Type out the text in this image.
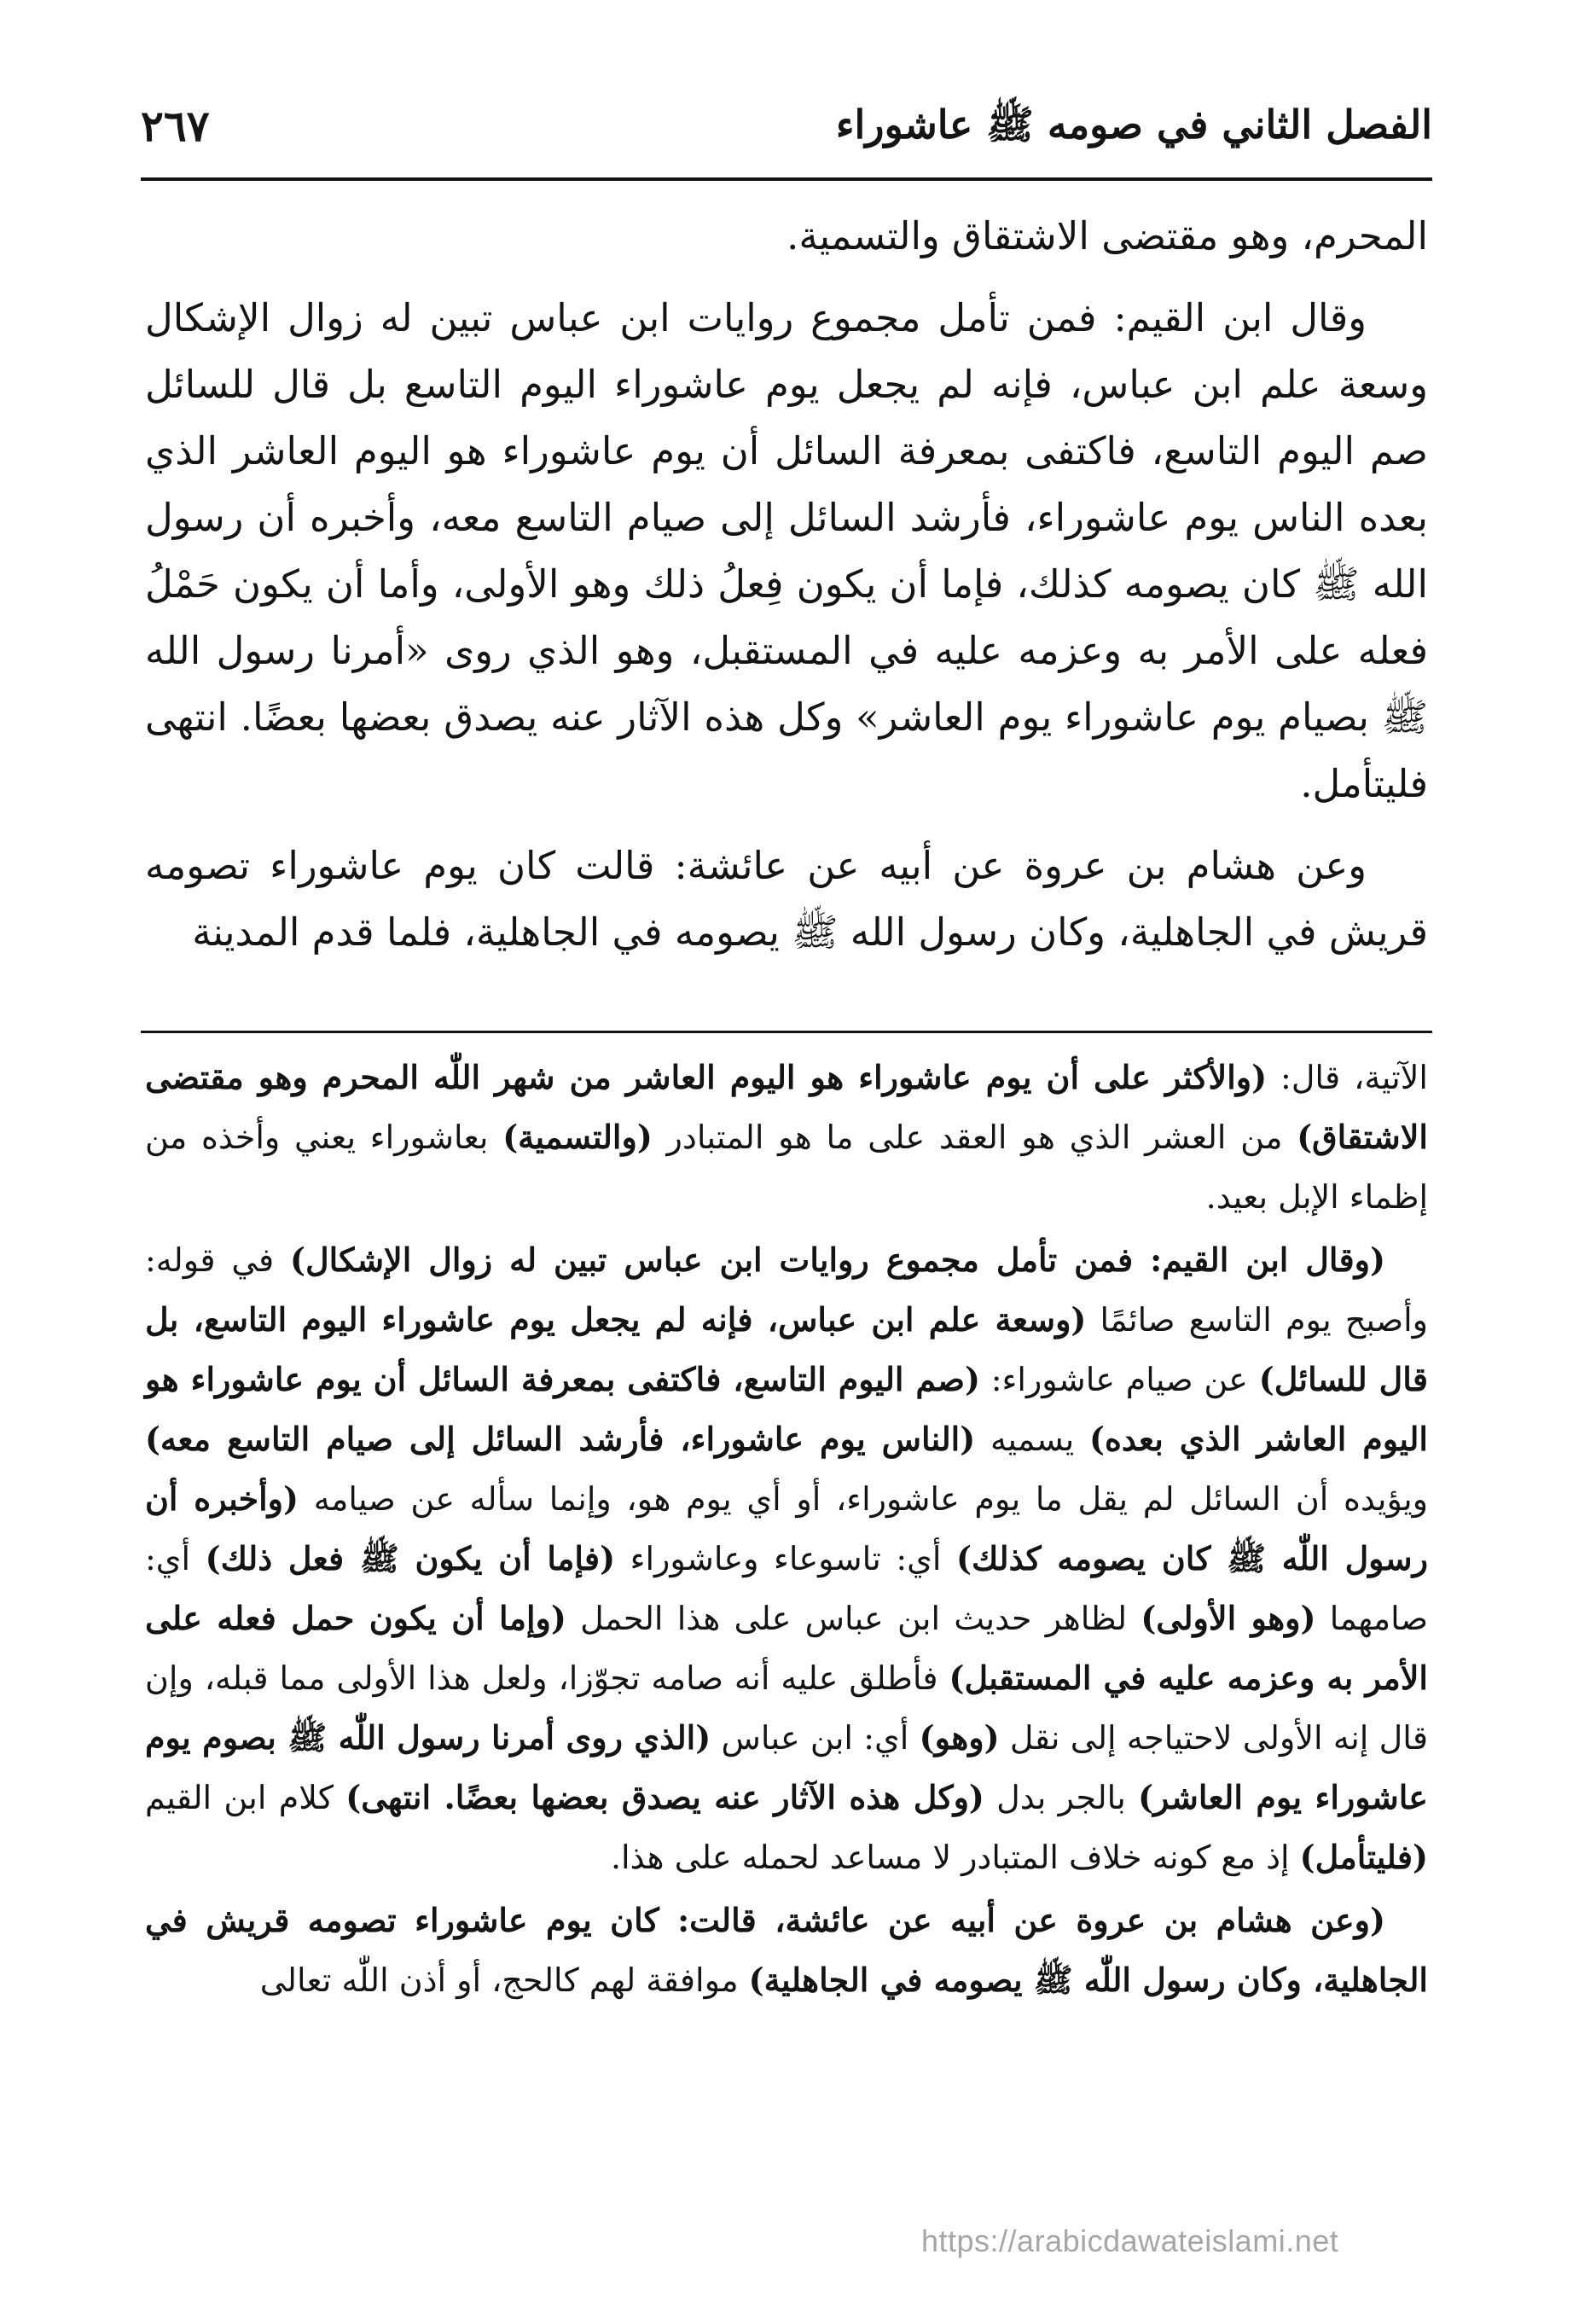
الفصل الثاني في صومه ﷺ عاشوراء
٢٦٧

المحرم، وهو مقتضى الاشتقاق والتسمية.

وقال ابن القيم: فمن تأمل مجموع روايات ابن عباس تبين له زوال الإشكال وسعة علم ابن عباس، فإنه لم يجعل يوم عاشوراء اليوم التاسع بل قال للسائل صم اليوم التاسع، فاكتفى بمعرفة السائل أن يوم عاشوراء هو اليوم العاشر الذي بعده الناس يوم عاشوراء، فأرشد السائل إلى صيام التاسع معه، وأخبره أن رسول الله ﷺ كان يصومه كذلك، فإما أن يكون فِعلُ ذلك وهو الأولى، وأما أن يكون حَمْلُ فعله على الأمر به وعزمه عليه في المستقبل، وهو الذي روى «أمرنا رسول الله ﷺ بصيام يوم عاشوراء يوم العاشر» وكل هذه الآثار عنه يصدق بعضها بعضًا. انتهى فليتأمل.

وعن هشام بن عروة عن أبيه عن عائشة: قالت كان يوم عاشوراء تصومه قريش في الجاهلية، وكان رسول الله ﷺ يصومه في الجاهلية، فلما قدم المدينة

الآتية، قال: (والأكثر على أن يوم عاشوراء هو اليوم العاشر من شهر اللّٰه المحرم وهو مقتضى الاشتقاق) من العشر الذي هو العقد على ما هو المتبادر (والتسمية) بعاشوراء يعني وأخذه من إظماء الإبل بعيد.

(وقال ابن القيم: فمن تأمل مجموع روايات ابن عباس تبين له زوال الإشكال) في قوله: وأصبح يوم التاسع صائمًا (وسعة علم ابن عباس، فإنه لم يجعل يوم عاشوراء اليوم التاسع، بل قال للسائل) عن صيام عاشوراء: (صم اليوم التاسع، فاكتفى بمعرفة السائل أن يوم عاشوراء هو اليوم العاشر الذي بعده) يسميه (الناس يوم عاشوراء، فأرشد السائل إلى صيام التاسع معه) ويؤيده أن السائل لم يقل ما يوم عاشوراء، أو أي يوم هو، وإنما سأله عن صيامه (وأخبره أن رسول اللّٰه ﷺ كان يصومه كذلك) أي: تاسوعاء وعاشوراء (فإما أن يكون ﷺ فعل ذلك) أي: صامهما (وهو الأولى) لظاهر حديث ابن عباس على هذا الحمل (وإما أن يكون حمل فعله على الأمر به وعزمه عليه في المستقبل) فأطلق عليه أنه صامه تجوّزا، ولعل هذا الأولى مما قبله، وإن قال إنه الأولى لاحتياجه إلى نقل (وهو) أي: ابن عباس (الذي روى أمرنا رسول اللّٰه ﷺ بصوم يوم عاشوراء يوم العاشر) بالجر بدل (وكل هذه الآثار عنه يصدق بعضها بعضًا. انتهى) كلام ابن القيم (فليتأمل) إذ مع كونه خلاف المتبادر لا مساعد لحمله على هذا.

(وعن هشام بن عروة عن أبيه عن عائشة، قالت: كان يوم عاشوراء تصومه قريش في الجاهلية، وكان رسول اللّٰه ﷺ يصومه في الجاهلية) موافقة لهم كالحج، أو أذن اللّٰه تعالى

https://arabicdawateislami.net
